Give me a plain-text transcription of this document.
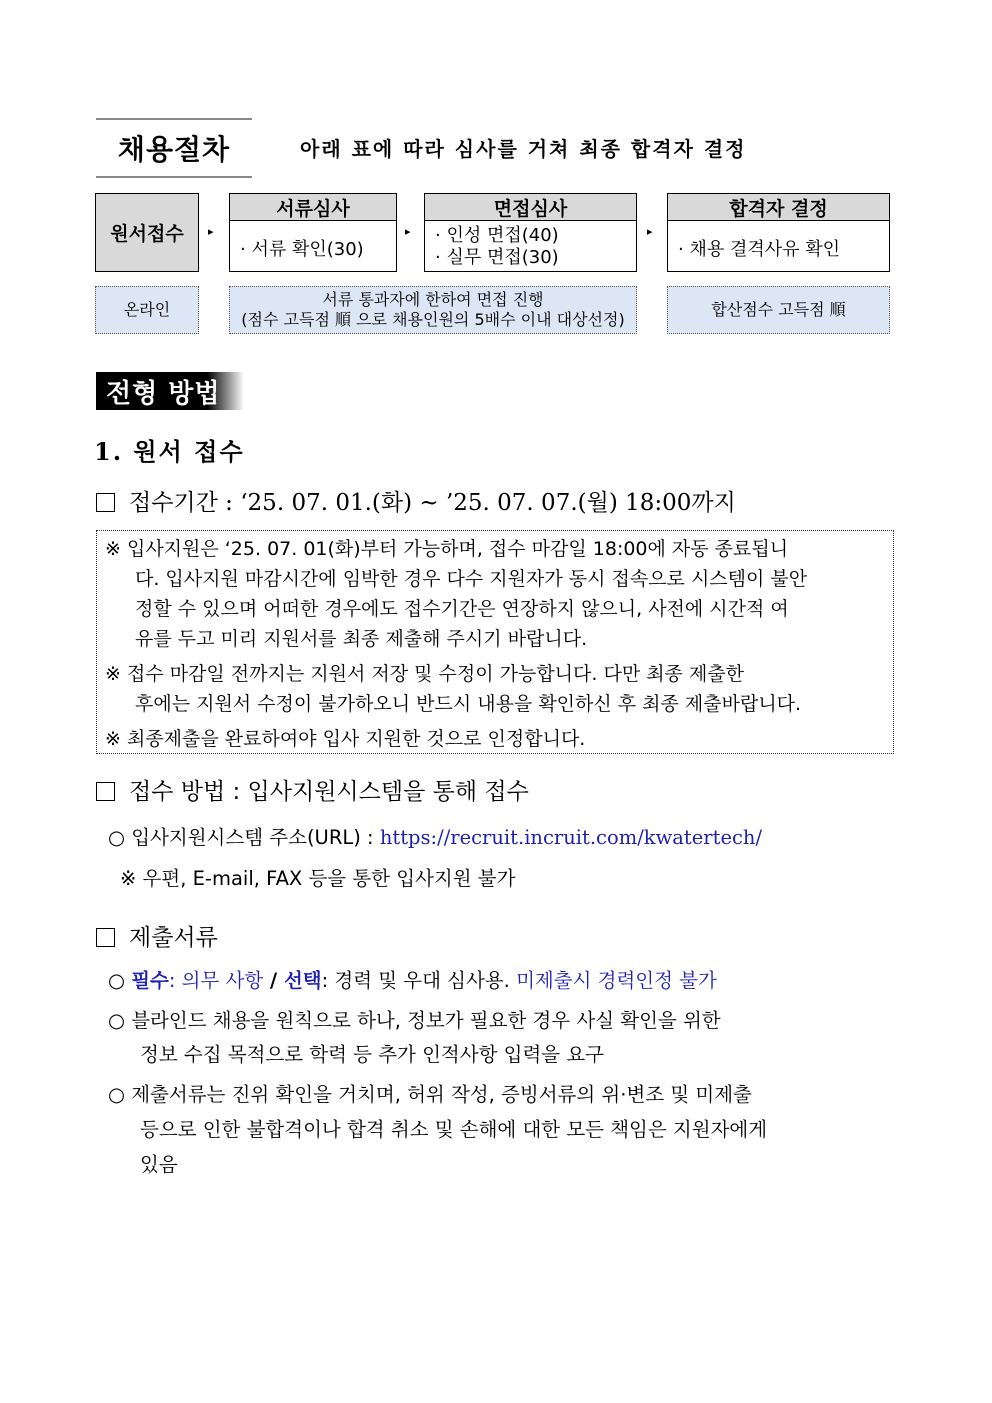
채용절차	아래 표에 따라 심사를 거쳐 최종 합격자 결정
원서접수	▸
서류심사
· 서류 확인(30)
▸
면접심사
· 인성 면접(40)
· 실무 면접(30)
▸
합격자 결정
· 채용 결격사유 확인
온라인
서류 통과자에 한하여 면접 진행
(점수 고득점 順 으로 채용인원의 5배수 이내 대상선정)
합산점수 고득점 順
전형 방법
1. 원서 접수
접수기간 : ‘25. 07. 01.(화) ~ ’25. 07. 07.(월) 18:00까지
※ 입사지원은 ‘25. 07. 01(화)부터 가능하며, 접수 마감일 18:00에 자동 종료됩니
다. 입사지원 마감시간에 임박한 경우 다수 지원자가 동시 접속으로 시스템이 불안
정할 수 있으며 어떠한 경우에도 접수기간은 연장하지 않으니, 사전에 시간적 여
유를 두고 미리 지원서를 최종 제출해 주시기 바랍니다.
※ 접수 마감일 전까지는 지원서 저장 및 수정이 가능합니다. 다만 최종 제출한
후에는 지원서 수정이 불가하오니 반드시 내용을 확인하신 후 최종 제출바랍니다.
※ 최종제출을 완료하여야 입사 지원한 것으로 인정합니다.
접수 방법 : 입사지원시스템을 통해 접수
○ 입사지원시스템 주소(URL) : https://recruit.incruit.com/kwatertech/
※ 우편, E-mail, FAX 등을 통한 입사지원 불가
제출서류
○ 필수: 의무 사항 / 선택: 경력 및 우대 심사용. 미제출시 경력인정 불가
○ 블라인드 채용을 원칙으로 하나, 정보가 필요한 경우 사실 확인을 위한
정보 수집 목적으로 학력 등 추가 인적사항 입력을 요구
○ 제출서류는 진위 확인을 거치며, 허위 작성, 증빙서류의 위·변조 및 미제출
등으로 인한 불합격이나 합격 취소 및 손해에 대한 모든 책임은 지원자에게
있음
